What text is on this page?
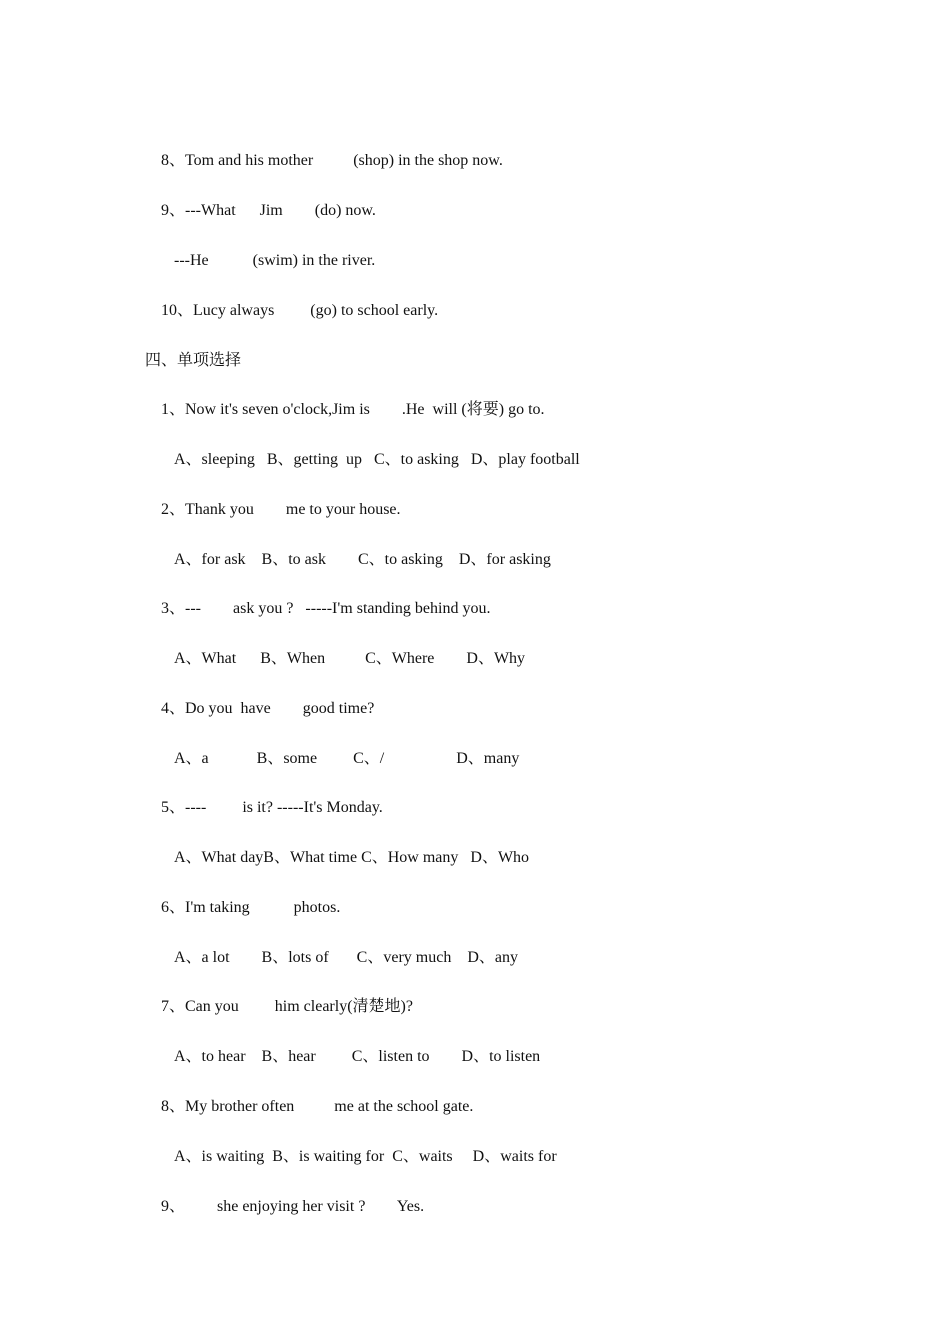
8、Tom and his mother          (shop) in the shop now.
9、---What      Jim        (do) now.
---He           (swim) in the river.
10、Lucy always         (go) to school early.
四、单项选择
1、Now it's seven o'clock,Jim is        .He  will (将要) go to.
A、sleeping   B、getting  up   C、to asking   D、play football
2、Thank you        me to your house.
A、for ask    B、to ask        C、to asking    D、for asking
3、---        ask you ?   -----I'm standing behind you.
A、What      B、When          C、Where        D、Why
4、Do you  have        good time?
A、a            B、some         C、/                  D、many
5、----         is it? -----It's Monday.
A、What dayB、What time C、How many   D、Who
6、I'm taking           photos.
A、a lot        B、lots of       C、very much    D、any
7、Can you         him clearly(清楚地)?
A、to hear    B、hear         C、listen to        D、to listen
8、My brother often          me at the school gate.
A、is waiting  B、is waiting for  C、waits     D、waits for
9、        she enjoying her visit ?        Yes.
